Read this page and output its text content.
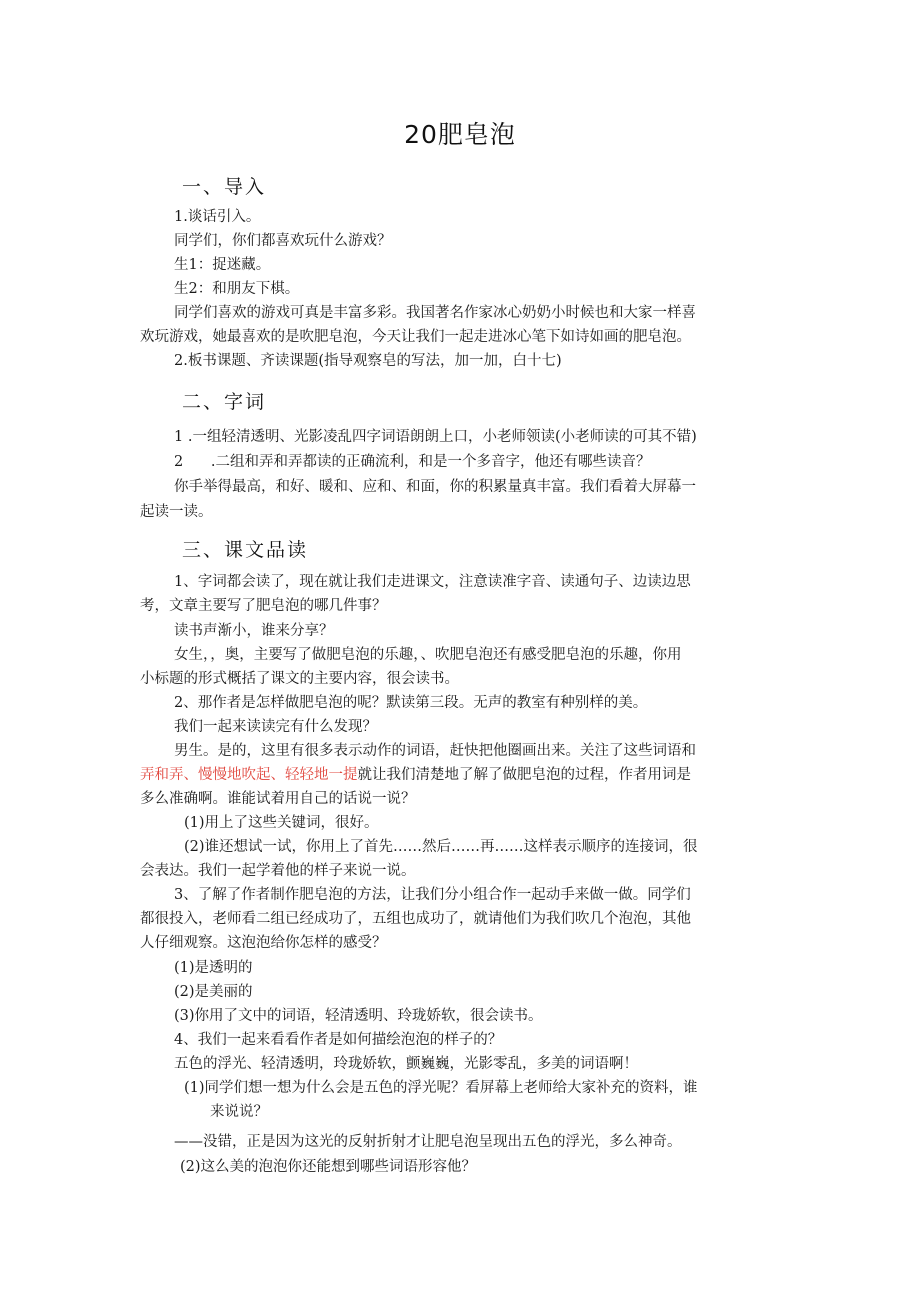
20肥皂泡
一、导入
1.谈话引入。
同学们，你们都喜欢玩什么游戏？
生1：捉迷藏。
生2：和朋友下棋。
同学们喜欢的游戏可真是丰富多彩。我国著名作家冰心奶奶小时候也和大家一样喜
欢玩游戏，她最喜欢的是吹肥皂泡，今天让我们一起走进冰心笔下如诗如画的肥皂泡。
2.板书课题、齐读课题(指导观察皂的写法，加一加，白十七)
二、字词
1 .一组轻清透明、光影凌乱四字词语朗朗上口，小老师领读(小老师读的可其不错)
2      .二组和弄和弄都读的正确流利，和是一个多音字，他还有哪些读音？
你手举得最高，和好、暖和、应和、和面，你的积累量真丰富。我们看着大屏幕一
起读一读。
三、课文品读
1、字词都会读了，现在就让我们走进课文，注意读准字音、读通句子、边读边思
考，文章主要写了肥皂泡的哪几件事？
读书声渐小，谁来分享？
女生，，奥，主要写了做肥皂泡的乐趣，、吹肥皂泡还有感受肥皂泡的乐趣，你用
小标题的形式概括了课文的主要内容，很会读书。
2、那作者是怎样做肥皂泡的呢？默读第三段。无声的教室有种别样的美。
我们一起来读读完有什么发现？
男生。是的，这里有很多表示动作的词语，赶快把他圈画出来。关注了这些词语和
弄和弄、慢慢地吹起、轻轻地一提就让我们清楚地了解了做肥皂泡的过程，作者用词是
多么准确啊。谁能试着用自己的话说一说？
(1)用上了这些关键词，很好。
(2)谁还想试一试，你用上了首先……然后……再……这样表示顺序的连接词，很
会表达。我们一起学着他的样子来说一说。
3、了解了作者制作肥皂泡的方法，让我们分小组合作一起动手来做一做。同学们
都很投入，老师看二组已经成功了，五组也成功了，就请他们为我们吹几个泡泡，其他
人仔细观察。这泡泡给你怎样的感受？
(1)是透明的
(2)是美丽的
(3)你用了文中的词语，轻清透明、玲珑娇软，很会读书。
4、我们一起来看看作者是如何描绘泡泡的样子的？
五色的浮光、轻清透明，玲珑娇软，颤巍巍，光影零乱，多美的词语啊！
(1)同学们想一想为什么会是五色的浮光呢？看屏幕上老师给大家补充的资料，谁
来说说？
——没错，正是因为这光的反射折射才让肥皂泡呈现出五色的浮光，多么神奇。
(2)这么美的泡泡你还能想到哪些词语形容他？
